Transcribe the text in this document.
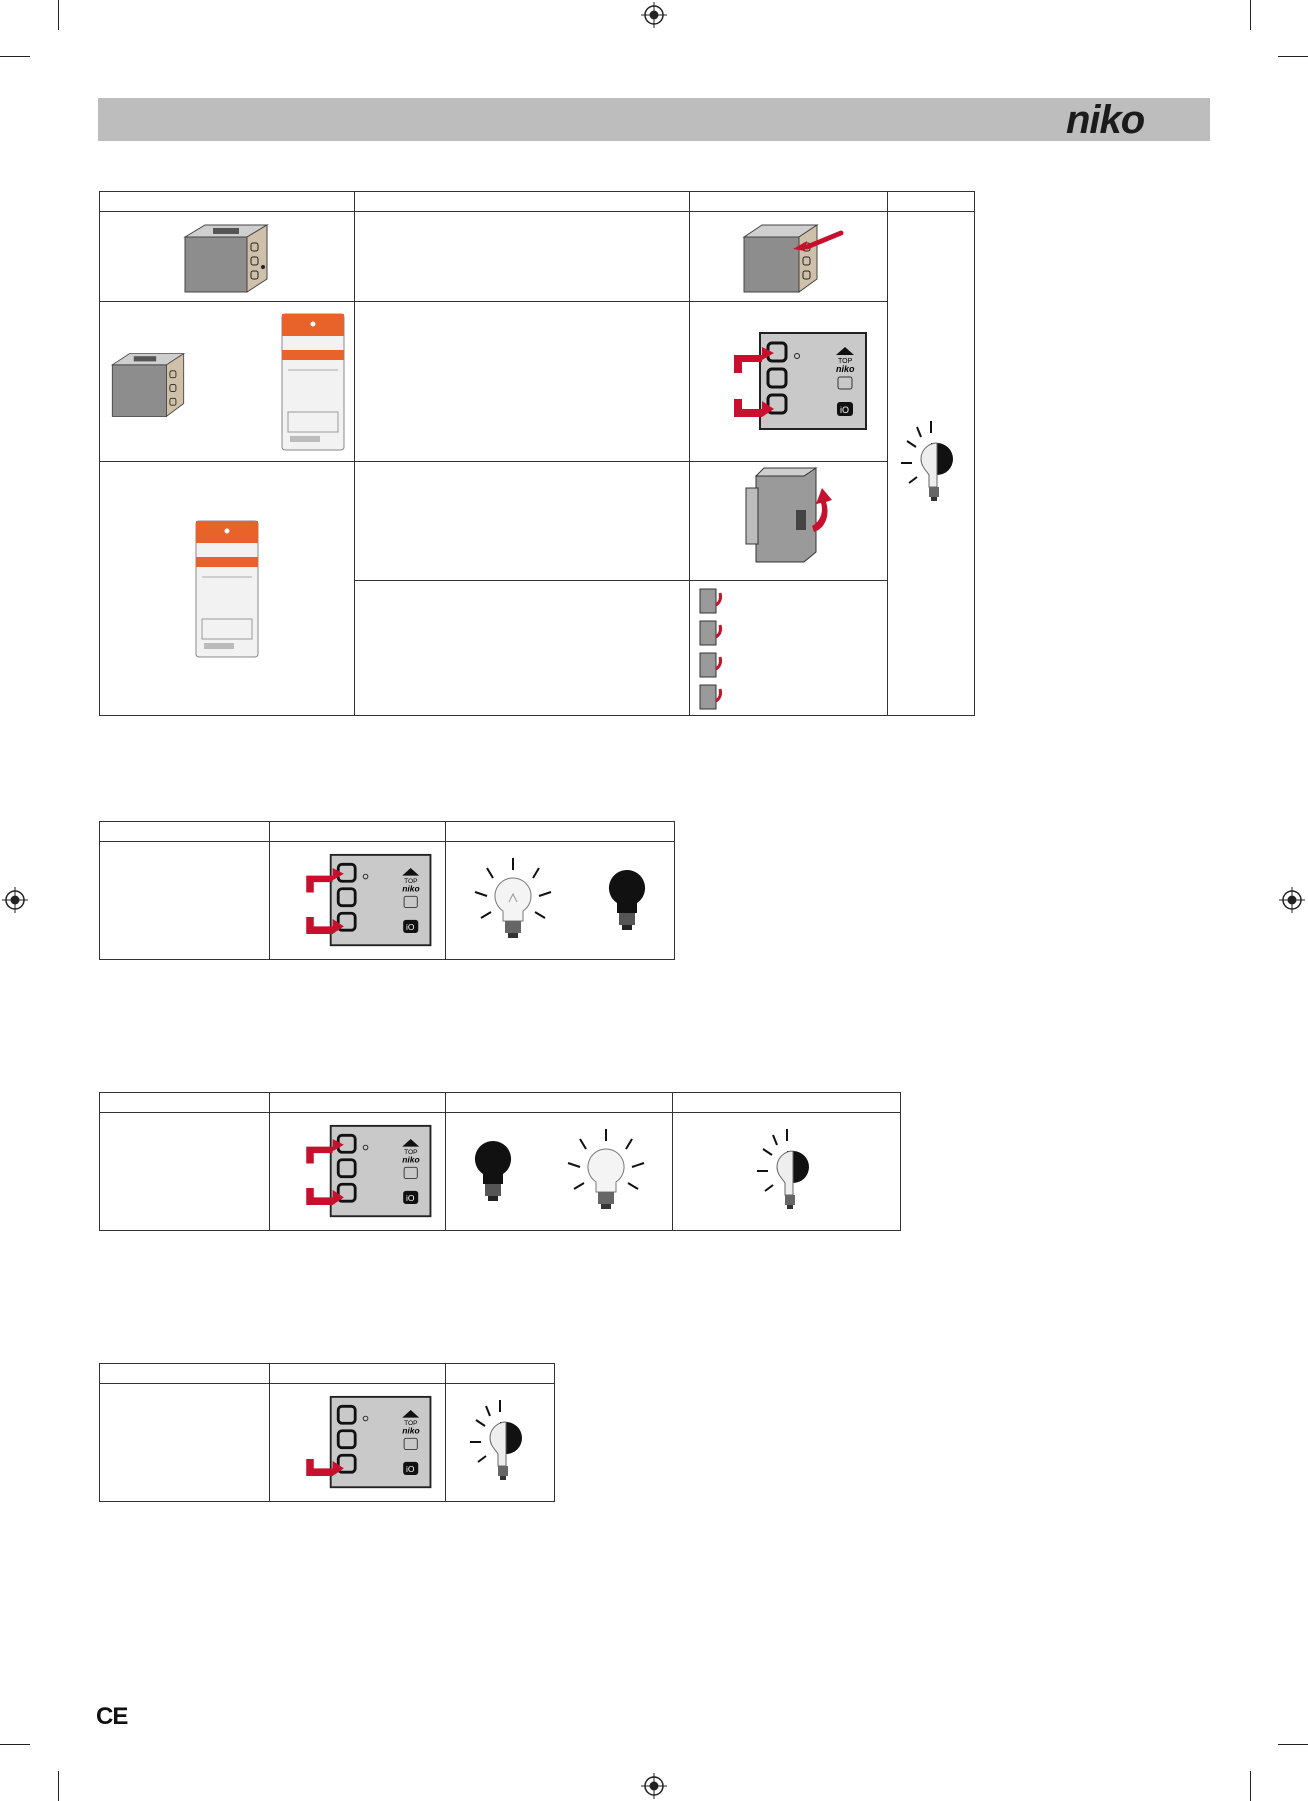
niko

TOP
niko
iO	

TOP
niko
iO

TOP
niko
iO

TOP
niko
iO

CE
